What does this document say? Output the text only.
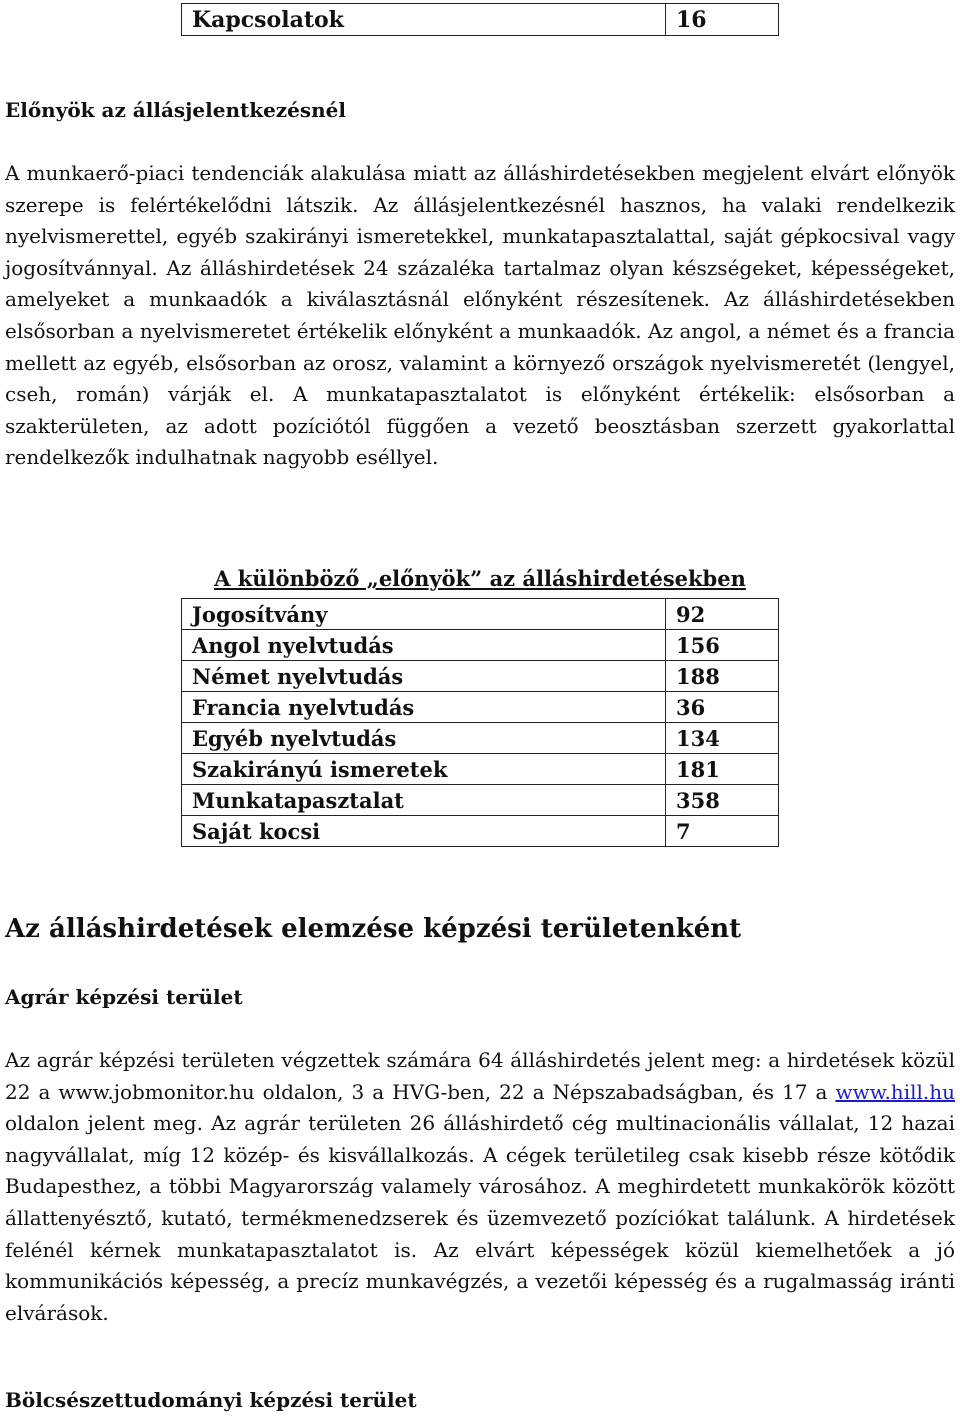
Kapcsolatok	16
Előnyök az állásjelentkezésnél

A munkaerő-piaci tendenciák alakulása miatt az álláshirdetésekben megjelent elvárt előnyök szerepe is felértékelődni látszik. Az állásjelentkezésnél hasznos, ha valaki rendelkezik nyelvismerettel, egyéb szakirányi ismeretekkel, munkatapasztalattal, saját gépkocsival vagy jogosítvánnyal. Az álláshirdetések 24 százaléka tartalmaz olyan készségeket, képességeket, amelyeket a munkaadók a kiválasztásnál előnyként részesítenek. Az álláshirdetésekben elsősorban a nyelvismeretet értékelik előnyként a munkaadók. Az angol, a német és a francia mellett az egyéb, elsősorban az orosz, valamint a környező országok nyelvismeretét (lengyel, cseh, román) várják el. A munkatapasztalatot is előnyként értékelik: elsősorban a szakterületen, az adott pozíciótól függően a vezető beosztásban szerzett gyakorlattal rendelkezők indulhatnak nagyobb eséllyel.

A különböző „előnyök” az álláshirdetésekben
Jogosítvány	92
Angol nyelvtudás	156
Német nyelvtudás	188
Francia nyelvtudás	36
Egyéb nyelvtudás	134
Szakirányú ismeretek	181
Munkatapasztalat	358
Saját kocsi	7
Az álláshirdetések elemzése képzési területenként
Agrár képzési terület

Az agrár képzési területen végzettek számára 64 álláshirdetés jelent meg: a hirdetések közül 22 a www.jobmonitor.hu oldalon, 3 a HVG-ben, 22 a Népszabadságban, és 17 a www.hill.hu oldalon jelent meg. Az agrár területen 26 álláshirdető cég multinacionális vállalat, 12 hazai nagyvállalat, míg 12 közép- és kisvállalkozás. A cégek területileg csak kisebb része kötődik Budapesthez, a többi Magyarország valamely városához. A meghirdetett munkakörök között állattenyésztő, kutató, termékmenedzserek és üzemvezető pozíciókat találunk. A hirdetések felénél kérnek munkatapasztalatot is. Az elvárt képességek közül kiemelhetőek a jó kommunikációs képesség, a precíz munkavégzés, a vezetői képesség és a rugalmasság iránti elvárások.

Bölcsészettudományi képzési terület
